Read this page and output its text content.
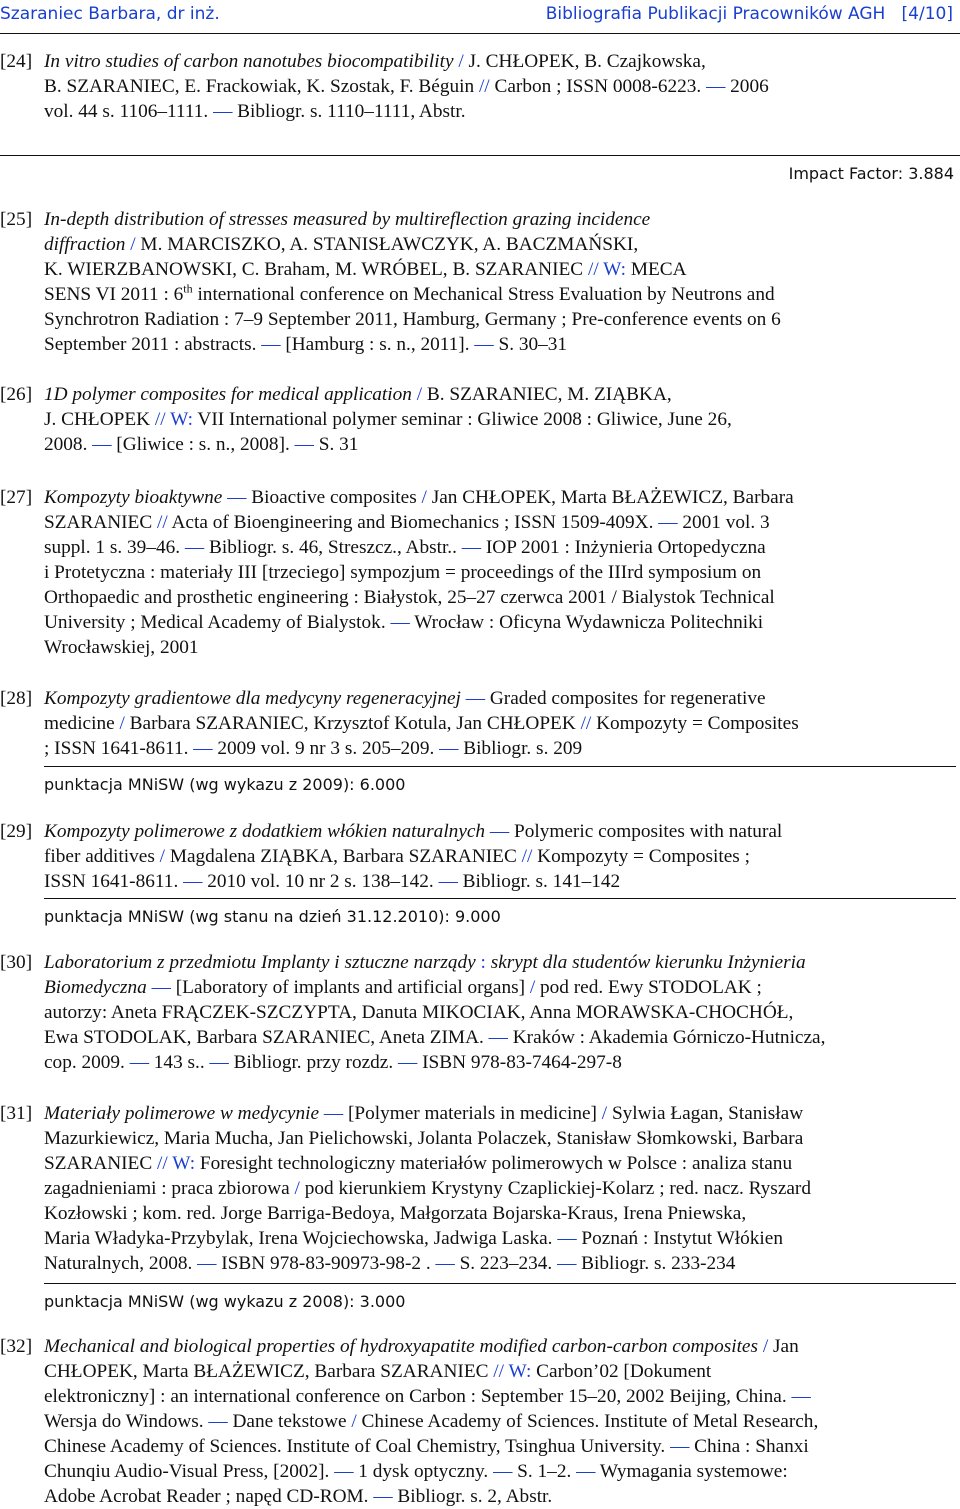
Szaraniec Barbara, dr inż.	Bibliografia Publikacji Pracowników AGH [4/10]
[24] In vitro studies of carbon nanotubes biocompatibility / J. CHŁOPEK, B. Czajkowska,
B. SZARANIEC, E. Frackowiak, K. Szostak, F. Béguin // Carbon ; ISSN 0008-6223. — 2006
vol. 44 s. 1106–1111. — Bibliogr. s. 1110–1111, Abstr.
[25] In-depth distribution of stresses measured by multireflection grazing incidence
diffraction / M. MARCISZKO, A. STANISŁAWCZYK, A. BACZMAŃSKI,
K. WIERZBANOWSKI, C. Braham, M. WRÓBEL, B. SZARANIEC // W: MECA
SENS VI 2011 : 6th international conference on Mechanical Stress Evaluation by Neutrons and
Synchrotron Radiation : 7–9 September 2011, Hamburg, Germany ; Pre-conference events on 6
September 2011 : abstracts. — [Hamburg : s. n., 2011]. — S. 30–31
[26] 1D polymer composites for medical application / B. SZARANIEC, M. ZIĄBKA,
J. CHŁOPEK // W: VII International polymer seminar : Gliwice 2008 : Gliwice, June 26,
2008. — [Gliwice : s. n., 2008]. — S. 31
[27] Kompozyty bioaktywne — Bioactive composites / Jan CHŁOPEK, Marta BŁAŻEWICZ, Barbara
SZARANIEC // Acta of Bioengineering and Biomechanics ; ISSN 1509-409X. — 2001 vol. 3
suppl. 1 s. 39–46. — Bibliogr. s. 46, Streszcz., Abstr.. — IOP 2001 : Inżynieria Ortopedyczna
i Protetyczna : materiały III [trzeciego] sympozjum = proceedings of the IIIrd symposium on
Orthopaedic and prosthetic engineering : Białystok, 25–27 czerwca 2001 / Bialystok Technical
University ; Medical Academy of Bialystok. — Wrocław : Oficyna Wydawnicza Politechniki
Wrocławskiej, 2001
[28] Kompozyty gradientowe dla medycyny regeneracyjnej — Graded composites for regenerative
medicine / Barbara SZARANIEC, Krzysztof Kotula, Jan CHŁOPEK // Kompozyty = Composites
; ISSN 1641-8611. — 2009 vol. 9 nr 3 s. 205–209. — Bibliogr. s. 209
[29] Kompozyty polimerowe z dodatkiem włókien naturalnych — Polymeric composites with natural
fiber additives / Magdalena ZIĄBKA, Barbara SZARANIEC // Kompozyty = Composites ;
ISSN 1641-8611. — 2010 vol. 10 nr 2 s. 138–142. — Bibliogr. s. 141–142
[30] Laboratorium z przedmiotu Implanty i sztuczne narządy : skrypt dla studentów kierunku Inżynieria
Biomedyczna — [Laboratory of implants and artificial organs] / pod red. Ewy STODOLAK ;
autorzy: Aneta FRĄCZEK-SZCZYPTA, Danuta MIKOCIAK, Anna MORAWSKA-CHOCHÓŁ,
Ewa STODOLAK, Barbara SZARANIEC, Aneta ZIMA. — Kraków : Akademia Górniczo-Hutnicza,
cop. 2009. — 143 s.. — Bibliogr. przy rozdz. — ISBN 978-83-7464-297-8
[31] Materiały polimerowe w medycynie — [Polymer materials in medicine] / Sylwia Łagan, Stanisław
Mazurkiewicz, Maria Mucha, Jan Pielichowski, Jolanta Polaczek, Stanisław Słomkowski, Barbara
SZARANIEC // W: Foresight technologiczny materiałów polimerowych w Polsce : analiza stanu
zagadnieniami : praca zbiorowa / pod kierunkiem Krystyny Czaplickiej-Kolarz ; red. nacz. Ryszard
Kozłowski ; kom. red. Jorge Barriga-Bedoya, Małgorzata Bojarska-Kraus, Irena Pniewska,
Maria Władyka-Przybylak, Irena Wojciechowska, Jadwiga Laska. — Poznań : Instytut Włókien
Naturalnych, 2008. — ISBN 978-83-90973-98-2 . — S. 223–234. — Bibliogr. s. 233-234
[32] Mechanical and biological properties of hydroxyapatite modified carbon-carbon composites / Jan
CHŁOPEK, Marta BŁAŻEWICZ, Barbara SZARANIEC // W: Carbon’02 [Dokument
elektroniczny] : an international conference on Carbon : September 15–20, 2002 Beijing, China. —
Wersja do Windows. — Dane tekstowe / Chinese Academy of Sciences. Institute of Metal Research,
Chinese Academy of Sciences. Institute of Coal Chemistry, Tsinghua University. — China : Shanxi
Chunqiu Audio-Visual Press, [2002]. — 1 dysk optyczny. — S. 1–2. — Wymagania systemowe:
Adobe Acrobat Reader ; napęd CD-ROM. — Bibliogr. s. 2, Abstr.
Impact Factor: 3.884
punktacja MNiSW (wg wykazu z 2009): 6.000
punktacja MNiSW (wg stanu na dzień 31.12.2010): 9.000
punktacja MNiSW (wg wykazu z 2008): 3.000
